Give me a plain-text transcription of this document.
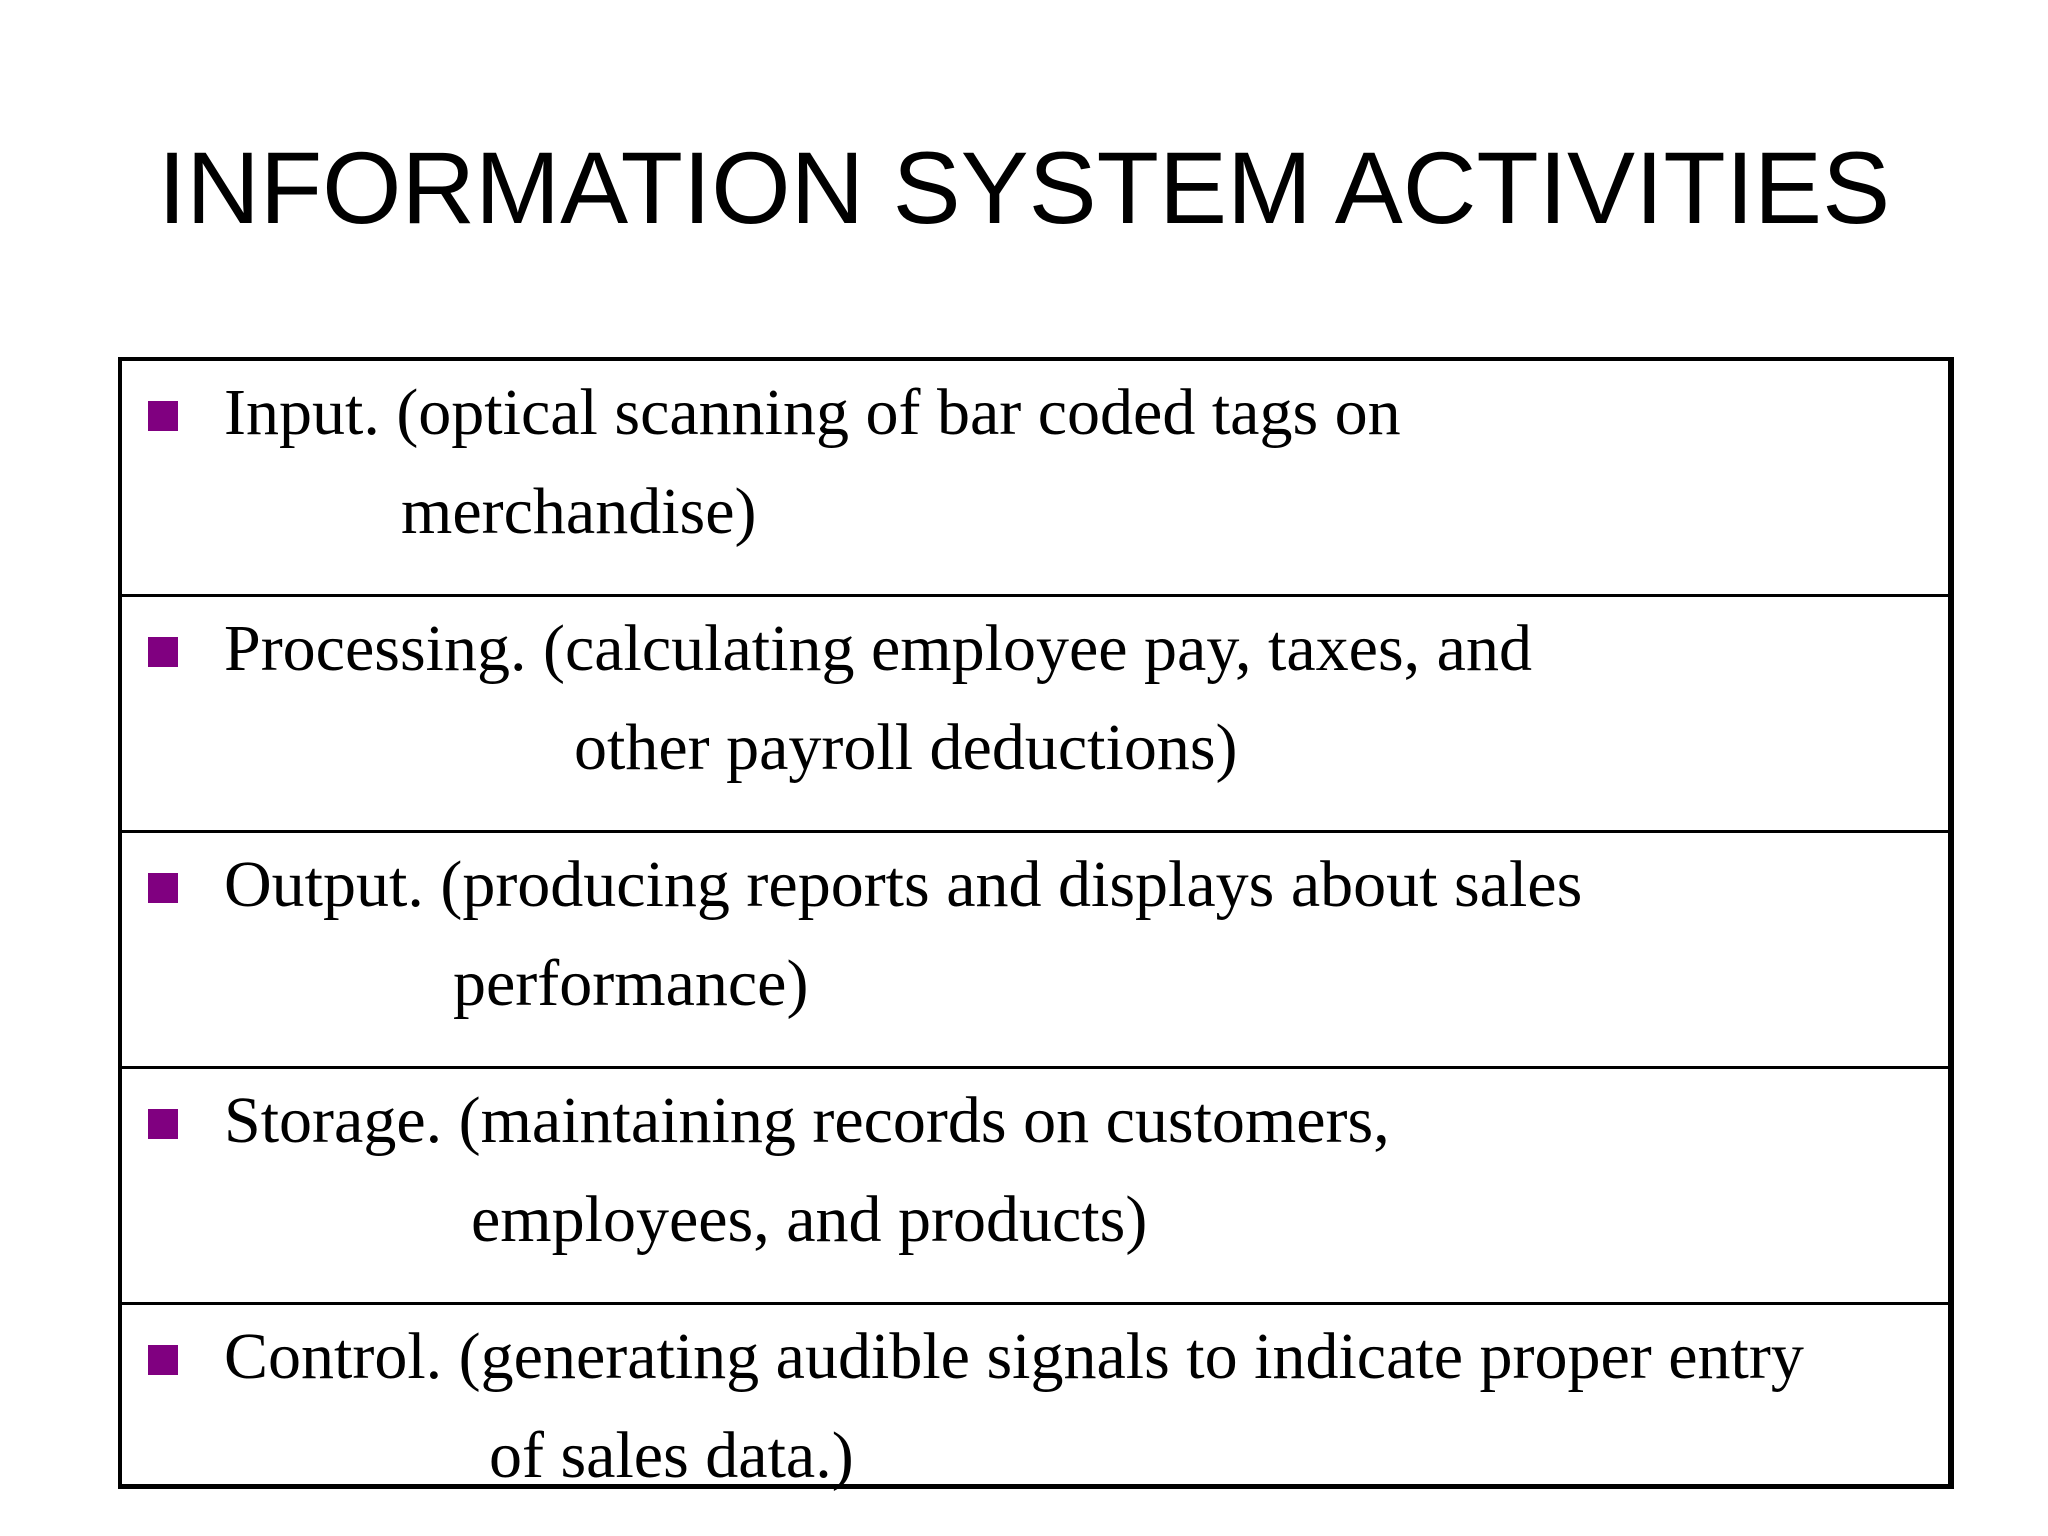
INFORMATION SYSTEM ACTIVITIES
Input. (optical scanning of bar coded tags on
merchandise)
Processing. (calculating employee pay, taxes, and
other payroll deductions)
Output. (producing reports and displays about sales
performance)
Storage. (maintaining records on customers,
employees, and products)
Control. (generating audible signals to indicate proper entry
of sales data.)
